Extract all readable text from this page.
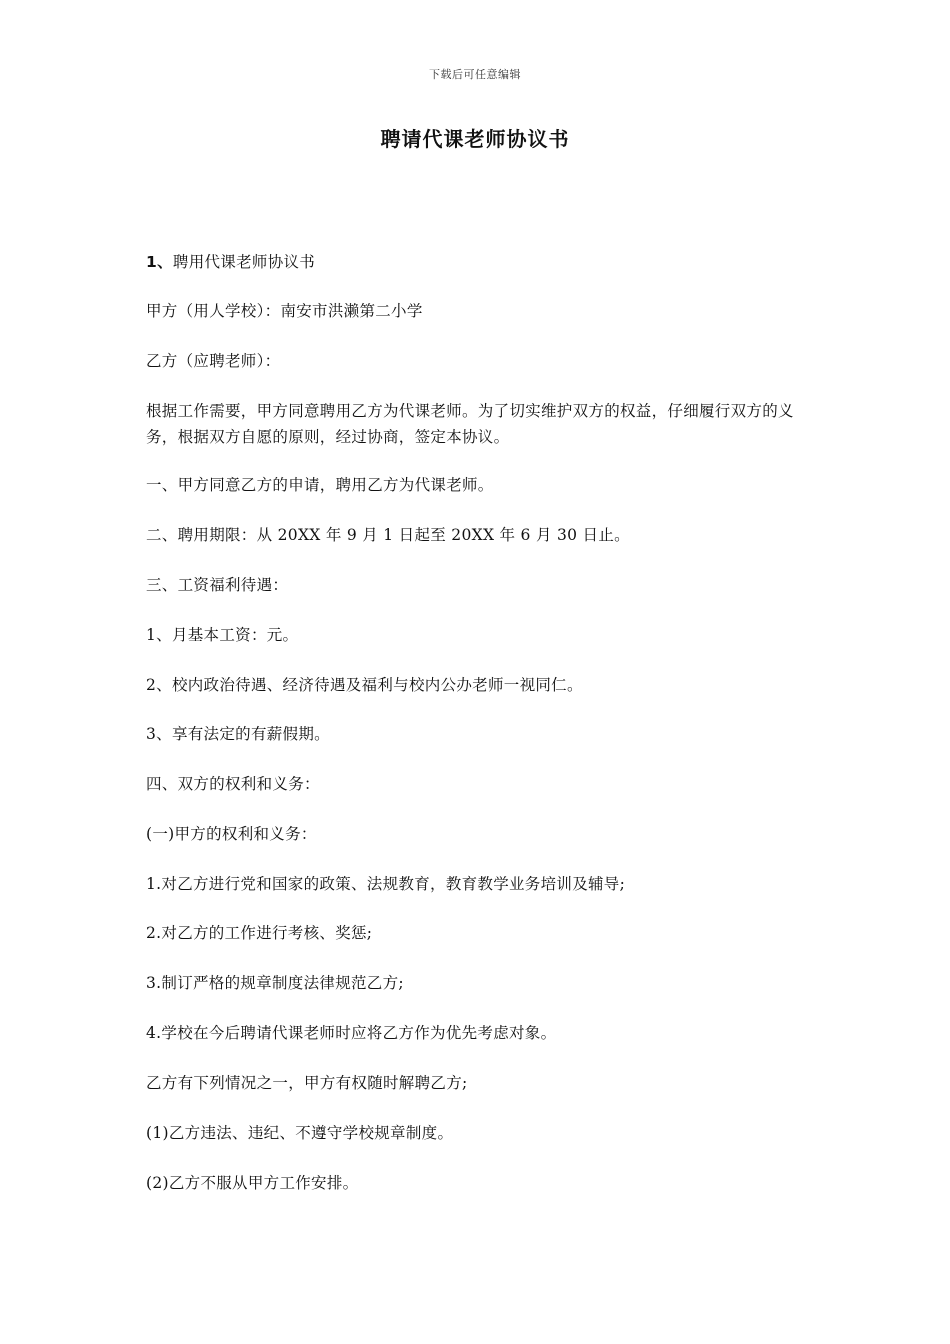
下载后可任意编辑
聘请代课老师协议书

1、聘用代课老师协议书

甲方（用人学校）：南安市洪濑第二小学

乙方（应聘老师）：

根据工作需要，甲方同意聘用乙方为代课老师。为了切实维护双方的权益，仔细履行双方的义务，根据双方自愿的原则，经过协商，签定本协议。

一、甲方同意乙方的申请，聘用乙方为代课老师。

二、聘用期限：从 20XX 年 9 月 1 日起至 20XX 年 6 月 30 日止。

三、工资福利待遇：

1、月基本工资：元。

2、校内政治待遇、经济待遇及福利与校内公办老师一视同仁。

3、享有法定的有薪假期。

四、双方的权利和义务：

(一)甲方的权利和义务：

1.对乙方进行党和国家的政策、法规教育，教育教学业务培训及辅导;

2.对乙方的工作进行考核、奖惩;

3.制订严格的规章制度法律规范乙方;

4.学校在今后聘请代课老师时应将乙方作为优先考虑对象。

乙方有下列情况之一，甲方有权随时解聘乙方;

(1)乙方违法、违纪、不遵守学校规章制度。

(2)乙方不服从甲方工作安排。
